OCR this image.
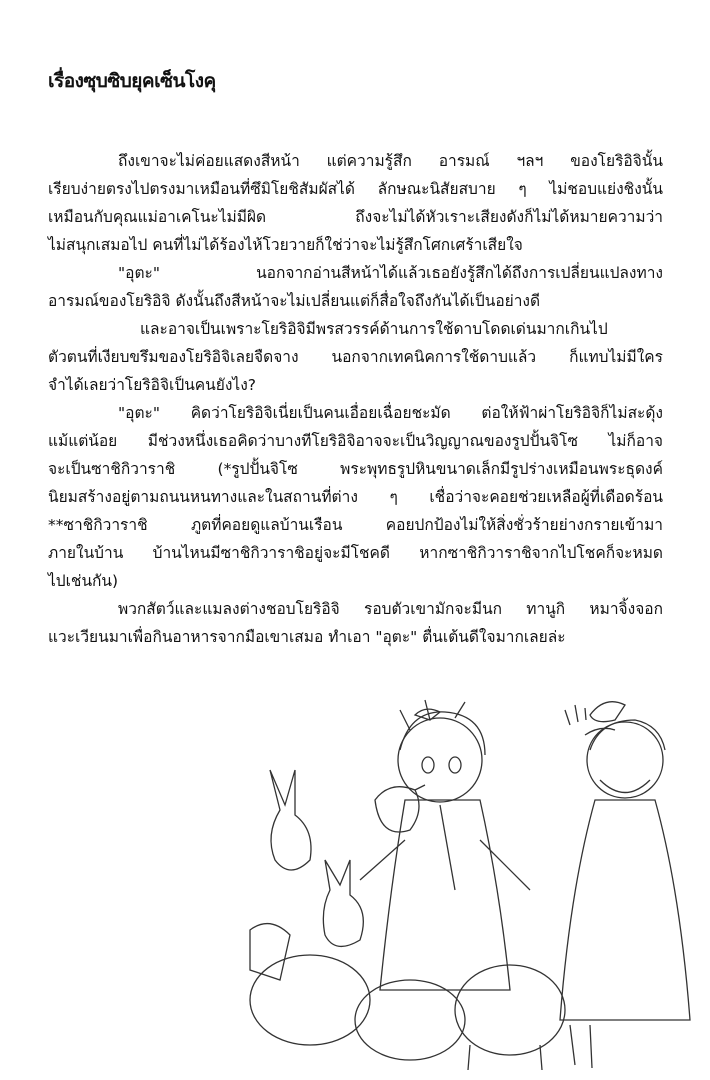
เรื่องซุบซิบยุคเซ็นโงคุ
ถึงเขาจะไม่ค่อยแสดงสีหน้า แต่ความรู้สึก อารมณ์ ฯลฯ ของโยริอิจินั้น
เรียบง่ายตรงไปตรงมาเหมือนที่ซึมิโยชิสัมผัสได้ ลักษณะนิสัยสบาย ๆ ไม่ชอบแย่งชิงนั้น
เหมือนกับคุณแม่อาเคโนะไม่มีผิด	ถึงจะไม่ได้หัวเราะเสียงดังก็ไม่ได้หมายความว่า
ไม่สนุกเสมอไป คนที่ไม่ได้ร้องไห้โวยวายก็ใช่ว่าจะไม่รู้สึกโศกเศร้าเสียใจ
"อุตะ"	นอกจากอ่านสีหน้าได้แล้วเธอยังรู้สึกได้ถึงการเปลี่ยนแปลงทาง
อารมณ์ของโยริอิจิ ดังนั้นถึงสีหน้าจะไม่เปลี่ยนแต่ก็สื่อใจถึงกันได้เป็นอย่างดี
และอาจเป็นเพราะโยริอิจิมีพรสวรรค์ด้านการใช้ดาบโดดเด่นมากเกินไป
ตัวตนที่เงียบขรึมของโยริอิจิเลยจืดจาง นอกจากเทคนิคการใช้ดาบแล้ว ก็แทบไม่มีใคร
จำได้เลยว่าโยริอิจิเป็นคนยังไง?
"อุตะ" คิดว่าโยริอิจิเนี่ยเป็นคนเอื่อยเฉื่อยชะมัด ต่อให้ฟ้าผ่าโยริอิจิก็ไม่สะดุ้ง
แม้แต่น้อย มีช่วงหนึ่งเธอคิดว่าบางทีโยริอิจิอาจจะเป็นวิญญาณของรูปปั้นจิโซ ไม่ก็อาจ
จะเป็นซาชิกิวาราชิ	(*รูปปั้นจิโซ	พระพุทธรูปหินขนาดเล็กมีรูปร่างเหมือนพระธุดงค์
นิยมสร้างอยู่ตามถนนหนทางและในสถานที่ต่าง ๆ เชื่อว่าจะคอยช่วยเหลือผู้ที่เดือดร้อน
**ซาชิกิวาราชิ	ภูตที่คอยดูแลบ้านเรือน	คอยปกป้องไม่ให้สิ่งชั่วร้ายย่างกรายเข้ามา
ภายในบ้าน บ้านไหนมีซาชิกิวาราชิอยู่จะมีโชคดี หากซาชิกิวาราชิจากไปโชคก็จะหมด
ไปเช่นกัน)
พวกสัตว์และแมลงต่างชอบโยริอิจิ รอบตัวเขามักจะมีนก ทานูกิ หมาจิ้งจอก
แวะเวียนมาเพื่อกินอาหารจากมือเขาเสมอ ทำเอา "อุตะ" ตื่นเต้นดีใจมากเลยล่ะ
